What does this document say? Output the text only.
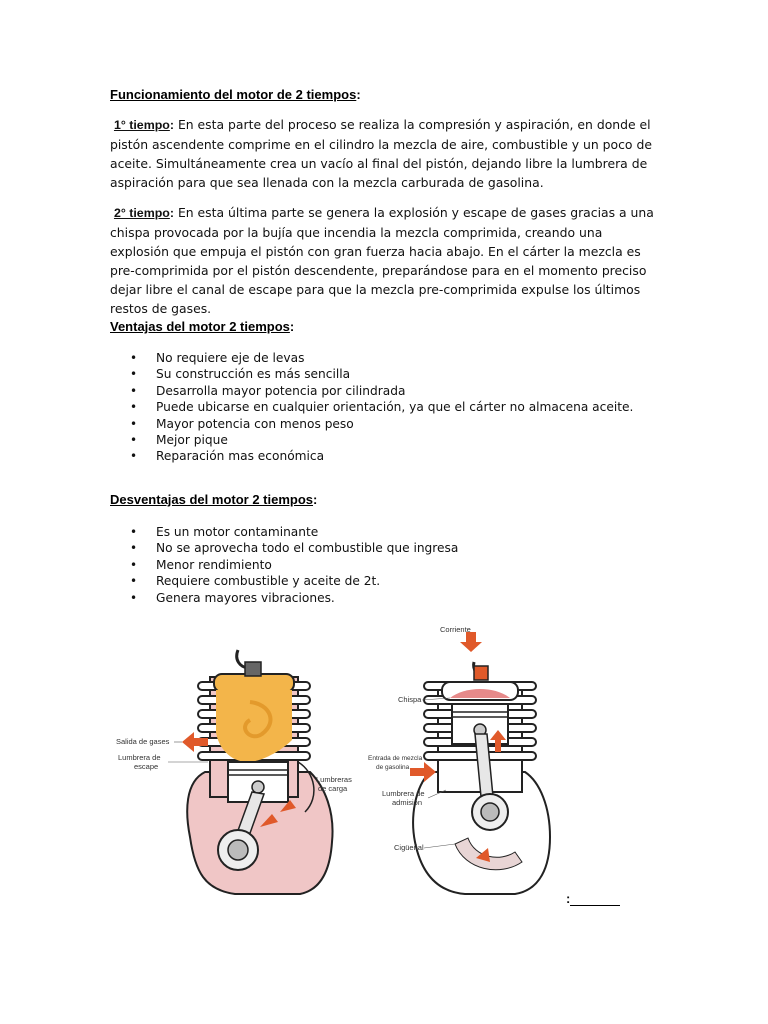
Funcionamiento del motor de 2 tiempos:

1° tiempo: En esta parte del proceso se realiza la compresión y aspiración, en donde el pistón ascendente comprime en el cilindro la mezcla de aire, combustible y un poco de aceite. Simultáneamente crea un vacío al final del pistón, dejando libre la lumbrera de aspiración para que sea llenada con la mezcla carburada de gasolina.

2° tiempo: En esta última parte se genera la explosión y escape de gases gracias a una chispa provocada por la bujía que incendia la mezcla comprimida, creando una explosión que empuja el pistón con gran fuerza hacia abajo. En el cárter la mezcla es pre-comprimida por el pistón descendente, preparándose para en el momento preciso dejar libre el canal de escape para que la mezcla pre-comprimida expulse los últimos restos de gases.

Ventajas del motor 2 tiempos:
• No requiere eje de levas
• Su construcción es más sencilla
• Desarrolla mayor potencia por cilindrada
• Puede ubicarse en cualquier orientación, ya que el cárter no almacena aceite.
• Mayor potencia con menos peso
• Mejor pique
• Reparación mas económica
Desventajas del motor 2 tiempos:
• Es un motor contaminante
• No se aprovecha todo el combustible que ingresa
• Menor rendimiento
• Requiere combustible y aceite de 2t.
• Genera mayores vibraciones.
Salida de gases
Lumbrera de
escape
Lumbreras
de carga
Corriente
Chispa
Entrada de mezcla
de gasolina
Lumbrera de
admisión
Cigüeñal
:
